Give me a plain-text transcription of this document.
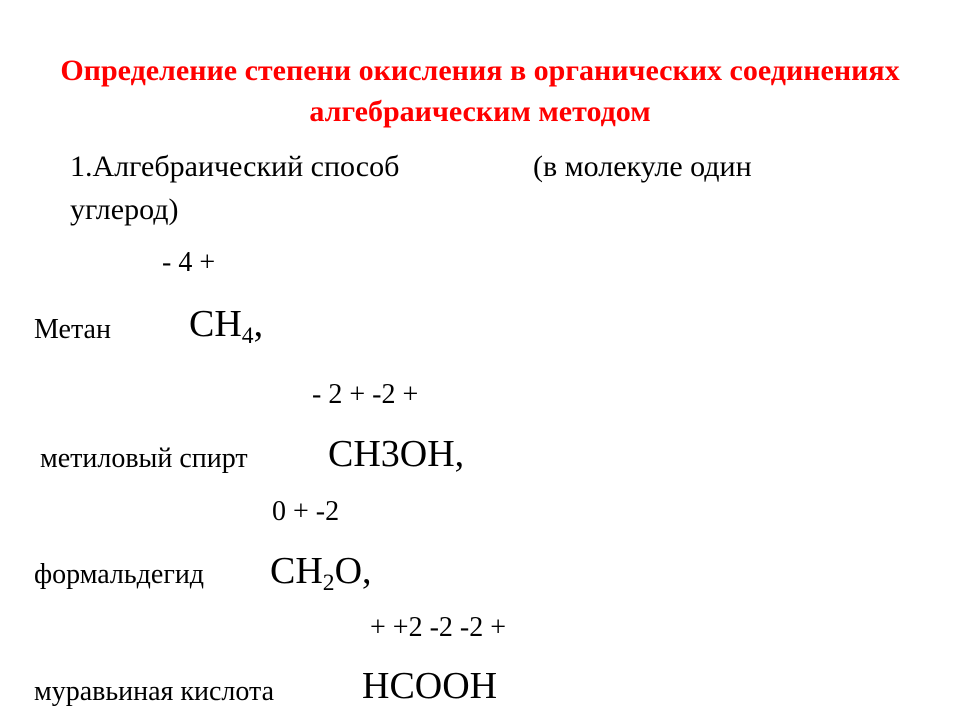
Определение степени окисления в органических соединениях алгебраическим методом
1.Алгебраический способ	(в молекуле один
углерод)
- 4 +
Метан CH4,
- 2 + -2 +
метиловый спирт CH3OH,
0 + -2
формальдегид CH2O,
+ +2 -2 -2 +
муравьиная кислота HCOOH
